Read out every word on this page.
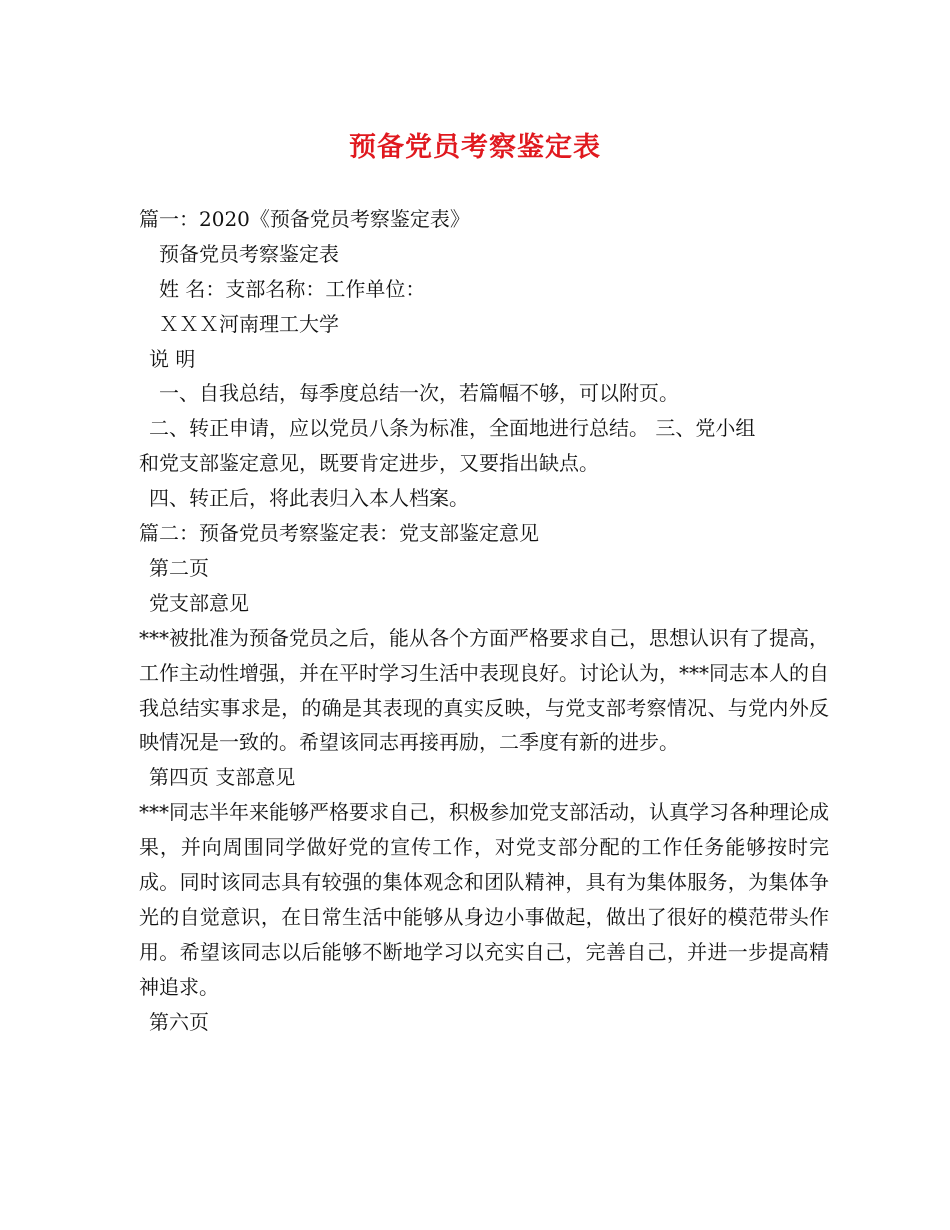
预备党员考察鉴定表

篇一：2020《预备党员考察鉴定表》

预备党员考察鉴定表

姓 名：支部名称：工作单位：

ＸＸＸ河南理工大学

说 明

一、自我总结，每季度总结一次，若篇幅不够，可以附页。

二、转正申请，应以党员八条为标准，全面地进行总结。 三、党小组

和党支部鉴定意见，既要肯定进步，又要指出缺点。

四、转正后，将此表归入本人档案。

篇二：预备党员考察鉴定表：党支部鉴定意见

第二页

党支部意见

***被批准为预备党员之后，能从各个方面严格要求自己，思想认识有了提高，工作主动性增强，并在平时学习生活中表现良好。讨论认为，***同志本人的自我总结实事求是，的确是其表现的真实反映，与党支部考察情况、与党内外反映情况是一致的。希望该同志再接再励，二季度有新的进步。

第四页 支部意见

***同志半年来能够严格要求自己，积极参加党支部活动，认真学习各种理论成果，并向周围同学做好党的宣传工作，对党支部分配的工作任务能够按时完成。同时该同志具有较强的集体观念和团队精神，具有为集体服务，为集体争光的自觉意识，在日常生活中能够从身边小事做起，做出了很好的模范带头作用。希望该同志以后能够不断地学习以充实自己，完善自己，并进一步提高精神追求。

第六页
